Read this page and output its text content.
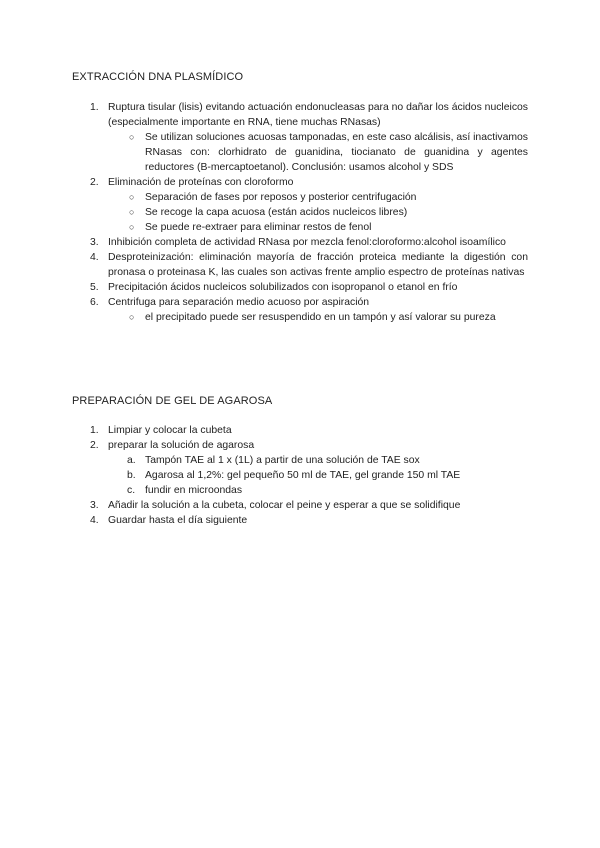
EXTRACCIÓN DNA PLASMÍDICO
1. Ruptura tisular (lisis) evitando actuación endonucleasas para no dañar los ácidos nucleicos (especialmente importante en RNA, tiene muchas RNasas)
○ Se utilizan soluciones acuosas tamponadas, en este caso alcálisis, así inactivamos RNasas con: clorhidrato de guanidina, tiocianato de guanidina y agentes reductores (B-mercaptoetanol). Conclusión: usamos alcohol y SDS
2. Eliminación de proteínas con cloroformo
○ Separación de fases por reposos y posterior centrifugación
○ Se recoge la capa acuosa (están acidos nucleicos libres)
○ Se puede re-extraer para eliminar restos de fenol
3. Inhibición completa de actividad RNasa por mezcla fenol:cloroformo:alcohol isoamílico
4. Desproteinización: eliminación mayoría de fracción proteica mediante la digestión con pronasa o proteinasa K, las cuales son activas frente amplio espectro de proteínas nativas
5. Precipitación ácidos nucleicos solubilizados con isopropanol o etanol en frío
6. Centrifuga para separación medio acuoso por aspiración
○ el precipitado puede ser resuspendido en un tampón y así valorar su pureza
PREPARACIÓN DE GEL DE AGAROSA
1. Limpiar y colocar la cubeta
2. preparar la solución de agarosa
a. Tampón TAE al 1 x (1L) a partir de una solución de TAE sox
b. Agarosa al 1,2%: gel pequeño 50 ml de TAE, gel grande 150 ml TAE
c. fundir en microondas
3. Añadir la solución a la cubeta, colocar el peine y esperar a que se solidifique
4. Guardar hasta el día siguiente
